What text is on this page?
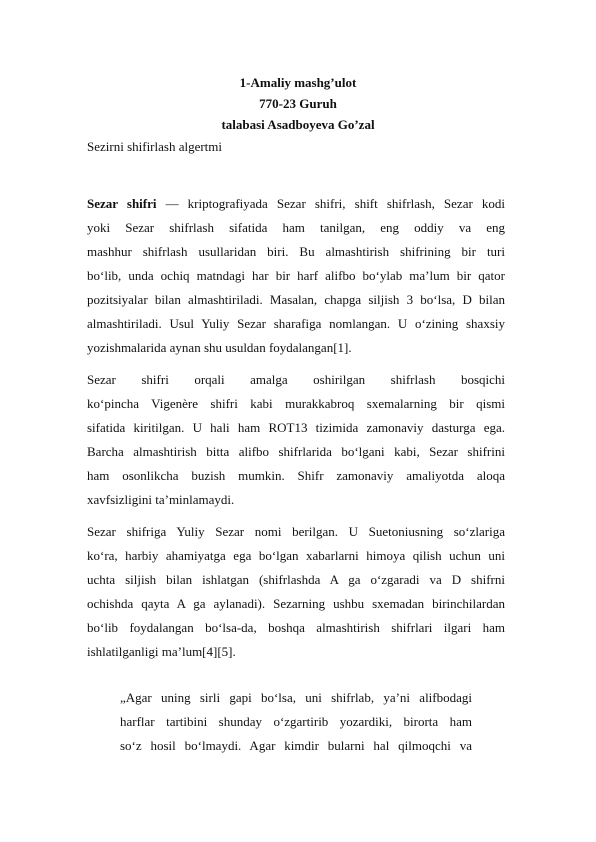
1-Amaliy mashg’ulot
770-23 Guruh
talabasi Asadboyeva Go’zal
Sezirni shifirlash algertmi
Sezar shifri — kriptografiyada Sezar shifri, shift shifrlash, Sezar kodi
yoki Sezar shifrlash sifatida ham tanilgan, eng oddiy va eng
mashhur shifrlash usullaridan biri. Bu almashtirish shifrining bir turi
bo‘lib, unda ochiq matndagi har bir harf alifbo bo‘ylab ma’lum bir qator
pozitsiyalar bilan almashtiriladi. Masalan, chapga siljish 3 bo‘lsa, D bilan
almashtiriladi. Usul Yuliy Sezar sharafiga nomlangan. U o‘zining shaxsiy
yozishmalarida aynan shu usuldan foydalangan[1].
Sezar shifri orqali amalga oshirilgan shifrlash bosqichi
ko‘pincha Vigenère shifri kabi murakkabroq sxemalarning bir qismi
sifatida kiritilgan. U hali ham ROT13 tizimida zamonaviy dasturga ega.
Barcha almashtirish bitta alifbo shifrlarida bo‘lgani kabi, Sezar shifrini
ham osonlikcha buzish mumkin. Shifr zamonaviy amaliyotda aloqa
xavfsizligini ta’minlamaydi.
Sezar shifriga Yuliy Sezar nomi berilgan. U Suetoniusning so‘zlariga
ko‘ra, harbiy ahamiyatga ega bo‘lgan xabarlarni himoya qilish uchun uni
uchta siljish bilan ishlatgan (shifrlashda A ga o‘zgaradi va D shifrni
ochishda qayta A ga aylanadi). Sezarning ushbu sxemadan birinchilardan
bo‘lib foydalangan bo‘lsa-da, boshqa almashtirish shifrlari ilgari ham
ishlatilganligi ma’lum[4][5].
„Agar uning sirli gapi bo‘lsa, uni shifrlab, ya’ni alifbodagi
harflar tartibini shunday o‘zgartirib yozardiki, birorta ham
so‘z hosil bo‘lmaydi. Agar kimdir bularni hal qilmoqchi va
